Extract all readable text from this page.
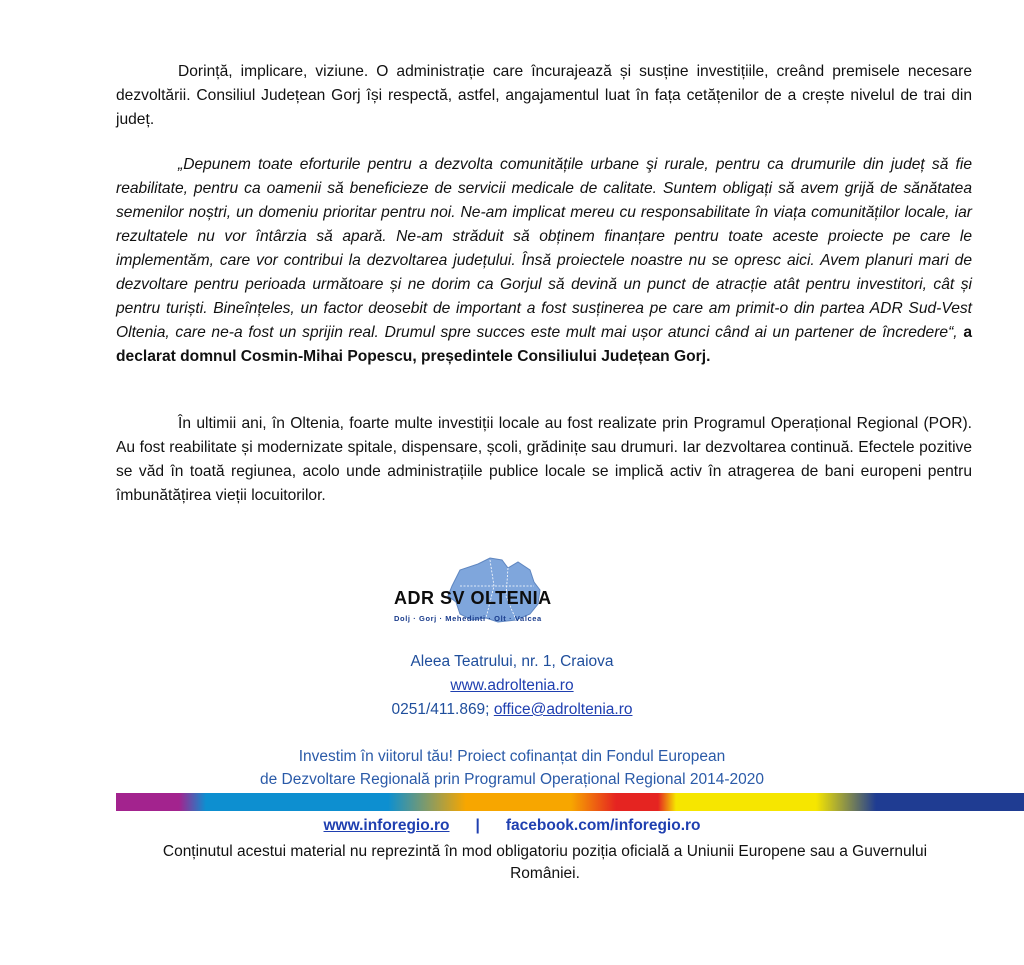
Dorință, implicare, viziune. O administrație care încurajează și susține investițiile, creând premisele necesare dezvoltării. Consiliul Județean Gorj își respectă, astfel, angajamentul luat în fața cetățenilor de a crește nivelul de trai din județ.

„Depunem toate eforturile pentru a dezvolta comunitățile urbane şi rurale, pentru ca drumurile din județ să fie reabilitate, pentru ca oamenii să beneficieze de servicii medicale de calitate. Suntem obligați să avem grijă de sănătatea semenilor noștri, un domeniu prioritar pentru noi. Ne-am implicat mereu cu responsabilitate în viața comunităților locale, iar rezultatele nu vor întârzia să apară. Ne-am străduit să obținem finanțare pentru toate aceste proiecte pe care le implementăm, care vor contribui la dezvoltarea județului. Însă proiectele noastre nu se opresc aici. Avem planuri mari de dezvoltare pentru perioada următoare și ne dorim ca Gorjul să devină un punct de atracție atât pentru investitori, cât și pentru turiști. Bineînțeles, un factor deosebit de important a fost susținerea pe care am primit-o din partea ADR Sud-Vest Oltenia, care ne-a fost un sprijin real. Drumul spre succes este mult mai ușor atunci când ai un partener de încredere“, a declarat domnul Cosmin-Mihai Popescu, președintele Consiliului Județean Gorj.

În ultimii ani, în Oltenia, foarte multe investiții locale au fost realizate prin Programul Operațional Regional (POR). Au fost reabilitate și modernizate spitale, dispensare, școli, grădinițe sau drumuri. Iar dezvoltarea continuă. Efectele pozitive se văd în toată regiunea, acolo unde administrațiile publice locale se implică activ în atragerea de bani europeni pentru îmbunătățirea vieții locuitorilor.

ADR SV OLTENIA
Dolj · Gorj · Mehedinti · Olt · Valcea
Aleea Teatrului, nr. 1, Craiova
www.adroltenia.ro
0251/411.869; office@adroltenia.ro
Investim în viitorul tău! Proiect cofinanțat din Fondul European
de Dezvoltare Regională prin Programul Operațional Regional 2014-2020
www.inforegio.ro | facebook.com/inforegio.ro
Conținutul acestui material nu reprezintă în mod obligatoriu poziția oficială a Uniunii Europene sau a Guvernului României.
